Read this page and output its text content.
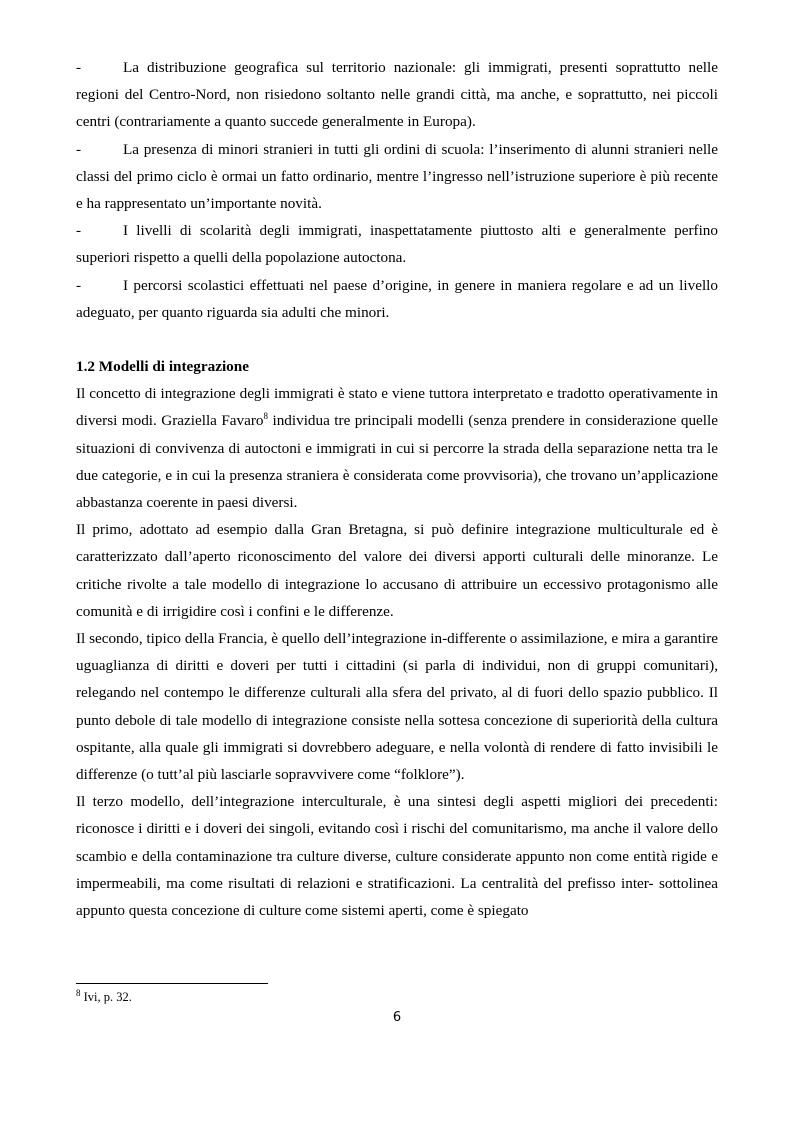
-	La distribuzione geografica sul territorio nazionale: gli immigrati, presenti soprattutto nelle regioni del Centro-Nord, non risiedono soltanto nelle grandi città, ma anche, e soprattutto, nei piccoli centri (contrariamente a quanto succede generalmente in Europa).

-	La presenza di minori stranieri in tutti gli ordini di scuola: l’inserimento di alunni stranieri nelle classi del primo ciclo è ormai un fatto ordinario, mentre l’ingresso nell’istruzione superiore è più recente e ha rappresentato un’importante novità.

-	I livelli di scolarità degli immigrati, inaspettatamente piuttosto alti e generalmente perfino superiori rispetto a quelli della popolazione autoctona.

-	I percorsi scolastici effettuati nel paese d’origine, in genere in maniera regolare e ad un livello adeguato, per quanto riguarda sia adulti che minori.

1.2 Modelli di integrazione

Il concetto di integrazione degli immigrati è stato e viene tuttora interpretato e tradotto operativamente in diversi modi. Graziella Favaro$^8$ individua tre principali modelli (senza prendere in considerazione quelle situazioni di convivenza di autoctoni e immigrati in cui si percorre la strada della separazione netta tra le due categorie, e in cui la presenza straniera è considerata come provvisoria), che trovano un’applicazione abbastanza coerente in paesi diversi.

Il primo, adottato ad esempio dalla Gran Bretagna, si può definire integrazione multiculturale ed è caratterizzato dall’aperto riconoscimento del valore dei diversi apporti culturali delle minoranze. Le critiche rivolte a tale modello di integrazione lo accusano di attribuire un eccessivo protagonismo alle comunità e di irrigidire così i confini e le differenze.

Il secondo, tipico della Francia, è quello dell’integrazione in-differente o assimilazione, e mira a garantire uguaglianza di diritti e doveri per tutti i cittadini (si parla di individui, non di gruppi comunitari), relegando nel contempo le differenze culturali alla sfera del privato, al di fuori dello spazio pubblico. Il punto debole di tale modello di integrazione consiste nella sottesa concezione di superiorità della cultura ospitante, alla quale gli immigrati si dovrebbero adeguare, e nella volontà di rendere di fatto invisibili le differenze (o tutt’al più lasciarle sopravvivere come “folklore”).

Il terzo modello, dell’integrazione interculturale, è una sintesi degli aspetti migliori dei precedenti: riconosce i diritti e i doveri dei singoli, evitando così i rischi del comunitarismo, ma anche il valore dello scambio e della contaminazione tra culture diverse, culture considerate appunto non come entità rigide e impermeabili, ma come risultati di relazioni e stratificazioni. La centralità del prefisso inter- sottolinea appunto questa concezione di culture come sistemi aperti, come è spiegato

$^8$ Ivi, p. 32.
6
